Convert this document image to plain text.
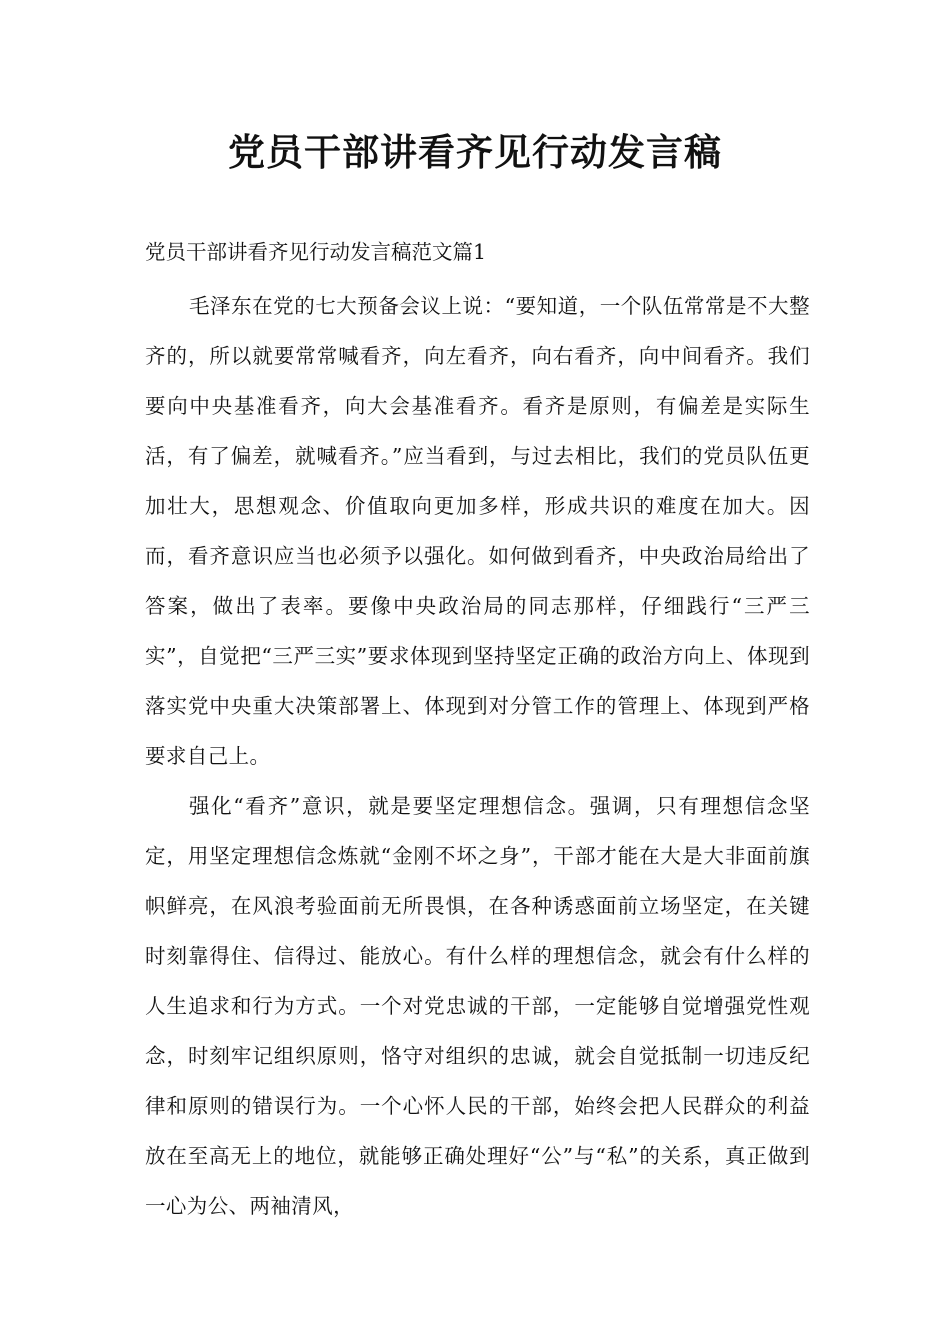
党员干部讲看齐见行动发言稿

党员干部讲看齐见行动发言稿范文篇1

毛泽东在党的七大预备会议上说：“要知道，一个队伍常常是不大整齐的，所以就要常常喊看齐，向左看齐，向右看齐，向中间看齐。我们要向中央基准看齐，向大会基准看齐。看齐是原则，有偏差是实际生活，有了偏差，就喊看齐。”应当看到，与过去相比，我们的党员队伍更加壮大，思想观念、价值取向更加多样，形成共识的难度在加大。因而，看齐意识应当也必须予以强化。如何做到看齐，中央政治局给出了答案，做出了表率。要像中央政治局的同志那样，仔细践行“三严三实”，自觉把“三严三实”要求体现到坚持坚定正确的政治方向上、体现到落实党中央重大决策部署上、体现到对分管工作的管理上、体现到严格要求自己上。

强化“看齐”意识，就是要坚定理想信念。强调，只有理想信念坚定，用坚定理想信念炼就“金刚不坏之身”，干部才能在大是大非面前旗帜鲜亮，在风浪考验面前无所畏惧，在各种诱惑面前立场坚定，在关键时刻靠得住、信得过、能放心。有什么样的理想信念，就会有什么样的人生追求和行为方式。一个对党忠诚的干部，一定能够自觉增强党性观念，时刻牢记组织原则，恪守对组织的忠诚，就会自觉抵制一切违反纪律和原则的错误行为。一个心怀人民的干部，始终会把人民群众的利益放在至高无上的地位，就能够正确处理好“公”与“私”的关系，真正做到一心为公、两袖清风，
